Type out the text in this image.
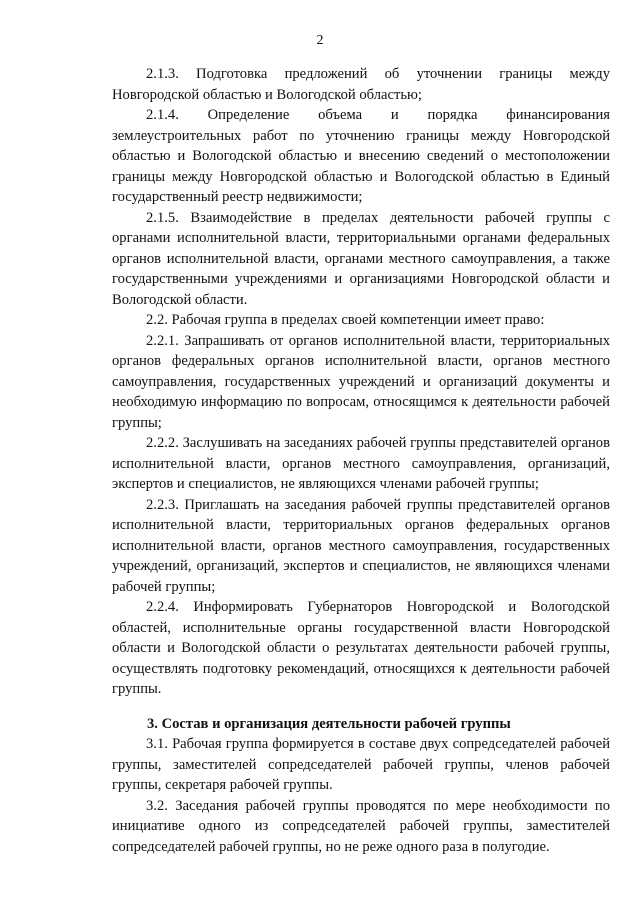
2

2.1.3. Подготовка предложений об уточнении границы между Новгородской областью и Вологодской областью;

2.1.4. Определение объема и порядка финансирования землеустроительных работ по уточнению границы между Новгородской областью и Вологодской областью и внесению сведений о местоположении границы между Новгородской областью и Вологодской областью в Единый государственный реестр недвижимости;

2.1.5. Взаимодействие в пределах деятельности рабочей группы с органами исполнительной власти, территориальными органами федеральных органов исполнительной власти, органами местного самоуправления, а также государственными учреждениями и организациями Новгородской области и Вологодской области.

2.2. Рабочая группа в пределах своей компетенции имеет право:

2.2.1. Запрашивать от органов исполнительной власти, территориальных органов федеральных органов исполнительной власти, органов местного самоуправления, государственных учреждений и организаций документы и необходимую информацию по вопросам, относящимся к деятельности рабочей группы;

2.2.2. Заслушивать на заседаниях рабочей группы представителей органов исполнительной власти, органов местного самоуправления, организаций, экспертов и специалистов, не являющихся членами рабочей группы;

2.2.3. Приглашать на заседания рабочей группы представителей органов исполнительной власти, территориальных органов федеральных органов исполнительной власти, органов местного самоуправления, государственных учреждений, организаций, экспертов и специалистов, не являющихся членами рабочей группы;

2.2.4. Информировать Губернаторов Новгородской и Вологодской областей, исполнительные органы государственной власти Новгородской области и Вологодской области о результатах деятельности рабочей группы, осуществлять подготовку рекомендаций, относящихся к деятельности рабочей группы.

3. Состав и организация деятельности рабочей группы

3.1. Рабочая группа формируется в составе двух сопредседателей рабочей группы, заместителей сопредседателей рабочей группы, членов рабочей группы, секретаря рабочей группы.

3.2. Заседания рабочей группы проводятся по мере необходимости по инициативе одного из сопредседателей рабочей группы, заместителей сопредседателей рабочей группы, но не реже одного раза в полугодие.
